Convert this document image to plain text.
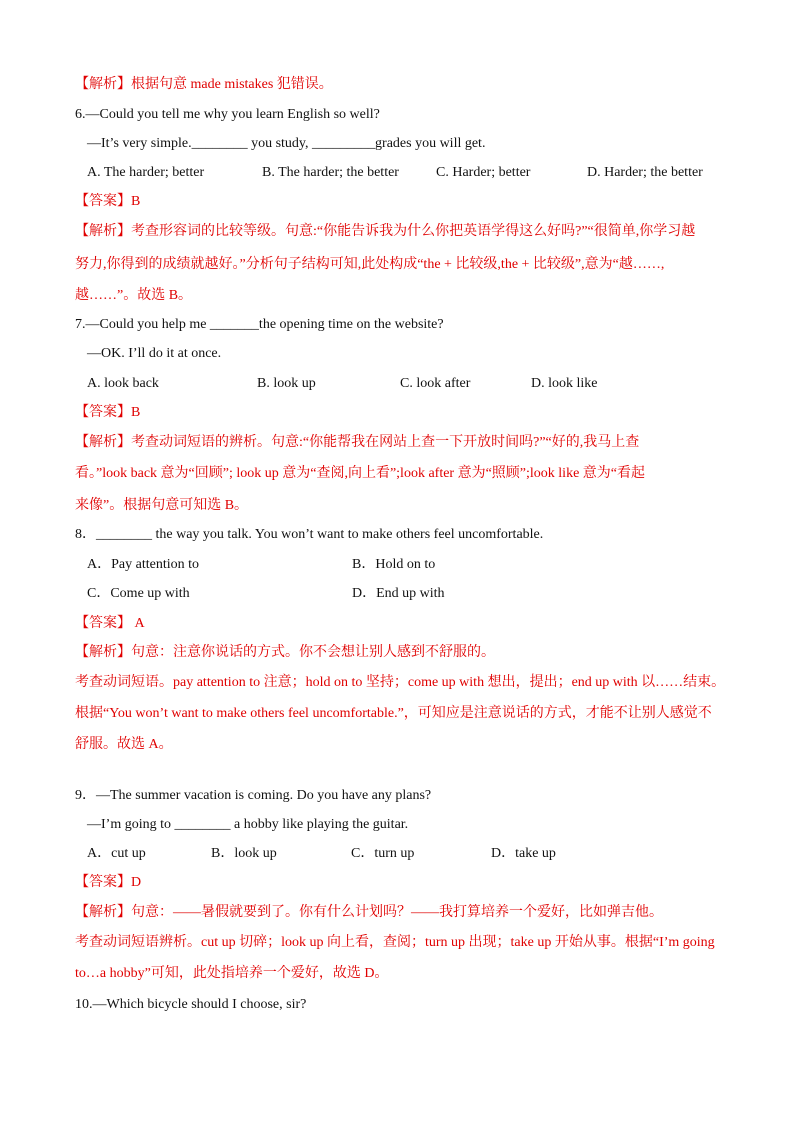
【解析】根据句意 made mistakes 犯错误。
6.—Could you tell me why you learn English so well?
—It’s very simple.________ you study, _________grades you will get.
A. The harder; better	B. The harder; the better	C. Harder; better	D. Harder; the better
【答案】B
【解析】考查形容词的比较等级。句意:“你能告诉我为什么你把英语学得这么好吗?”“很简单,你学习越
努力,你得到的成绩就越好。”分析句子结构可知,此处构成“the + 比较级,the + 比较级”,意为“越……,
越……”。故选 B。
7.—Could you help me _______the opening time on the website?
—OK. I’ll do it at once.
A. look back	B. look up	C. look after	D. look like
【答案】B
【解析】考查动词短语的辨析。句意:“你能帮我在网站上查一下开放时间吗?”“好的,我马上查
看。”look back 意为“回顾”; look up 意为“查阅,向上看”;look after 意为“照顾”;look like 意为“看起
来像”。根据句意可知选 B。
8．________ the way you talk. You won’t want to make others feel uncomfortable.
A．Pay attention to	B．Hold on to
C．Come up with	D．End up with
【答案】 A
【解析】句意：注意你说话的方式。你不会想让别人感到不舒服的。
考查动词短语。pay attention to 注意；hold on to 坚持；come up with 想出，提出；end up with 以……结束。
根据“You won’t want to make others feel uncomfortable.”，可知应是注意说话的方式，才能不让别人感觉不
舒服。故选 A。
9．—The summer vacation is coming. Do you have any plans?
—I’m going to ________ a hobby like playing the guitar.
A．cut up	B．look up	C．turn up	D．take up
【答案】D
【解析】句意：——暑假就要到了。你有什么计划吗？——我打算培养一个爱好，比如弹吉他。
考查动词短语辨析。cut up 切碎；look up 向上看，查阅；turn up 出现；take up 开始从事。根据“I’m going
to…a hobby”可知，此处指培养一个爱好，故选 D。
10.—Which bicycle should I choose, sir?
